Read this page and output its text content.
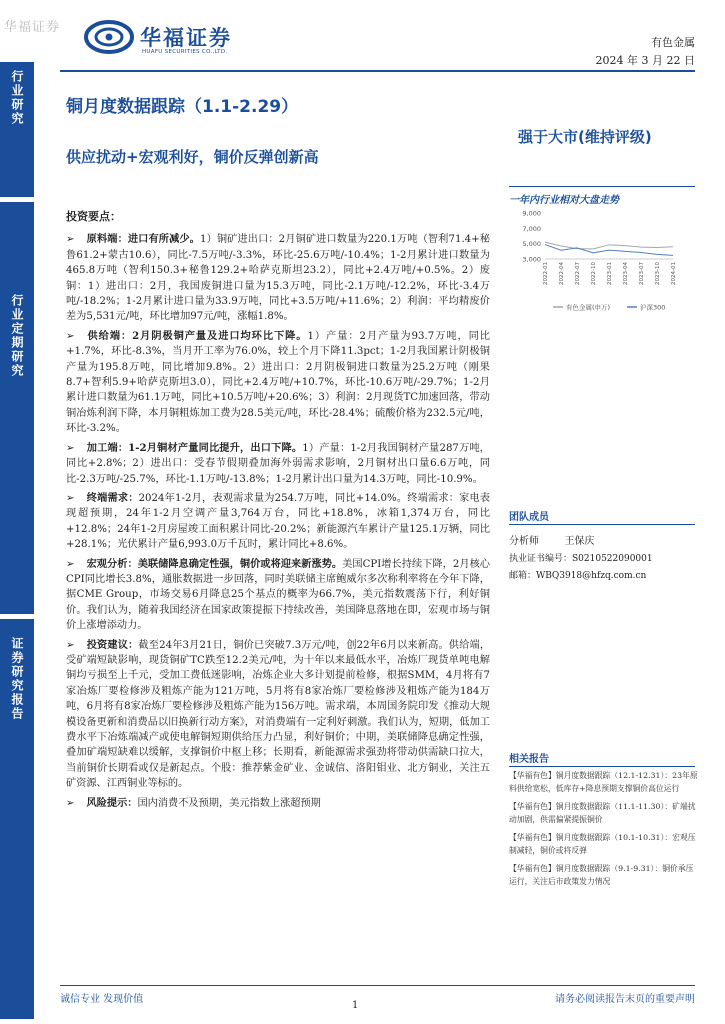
华福证券	华福证券
HUAFU SECURITIES CO.,LTD.
有色金属
2024 年 3 月 22 日
行业研究
行业定期研究
证券研究报告
铜月度数据跟踪（1.1-2.29）
强于大市(维持评级)
供应扰动+宏观利好，铜价反弹创新高
一年内行业相对大盘走势
9,000
7,000
5,000
3,000
2022-01 2022-04 2022-07 2022-10 2023-01 2023-04 2023-07 2023-10 2024-01
有色金属(申万)	沪深300
投资要点：
➢ 原料端：进口有所减少。1）铜矿进出口：2月铜矿进口数量为220.1万吨（智利71.4+秘鲁61.2+蒙古10.6），同比-7.5万吨/-3.3%，环比-25.6万吨/-10.4%；1-2月累计进口数量为465.8万吨（智利150.3+秘鲁129.2+哈萨克斯坦23.2），同比+2.4万吨/+0.5%。2）废铜：1）进出口：2月，我国废铜进口量为15.3万吨，同比-2.1万吨/-12.2%，环比-3.4万吨/-18.2%；1-2月累计进口量为33.9万吨，同比+3.5万吨/+11.6%；2）利润：平均精废价差为5,531元/吨，环比增加97元/吨，涨幅1.8%。
➢ 供给端：2月阴极铜产量及进口均环比下降。1）产量：2月产量为93.7万吨，同比+1.7%，环比-8.3%，当月开工率为76.0%，较上个月下降11.3pct；1-2月我国累计阴极铜产量为195.8万吨，同比增加9.8%。2）进出口：2月阴极铜进口数量为25.2万吨（刚果8.7+智利5.9+哈萨克斯坦3.0），同比+2.4万吨/+10.7%，环比-10.6万吨/-29.7%；1-2月累计进口数量为61.1万吨，同比+10.5万吨/+20.6%；3）利润：2月现货TC加速回落，带动铜冶炼利润下降，本月铜粗炼加工费为28.5美元/吨，环比-28.4%；硫酸价格为232.5元/吨，环比-3.2%。
➢ 加工端：1-2月铜材产量同比提升，出口下降。1）产量：1-2月我国铜材产量287万吨，同比+2.8%；2）进出口：受春节假期叠加海外弱需求影响，2月铜材出口量6.6万吨，同比-2.3万吨/-25.7%，环比-1.1万吨/-13.8%；1-2月累计出口量为14.3万吨，同比-10.9%。
➢ 终端需求：2024年1-2月，表观需求量为254.7万吨，同比+14.0%。终端需求：家电表现超预期，24年1-2月空调产量3,764万台，同比+18.8%，冰箱1,374万台，同比+12.8%；24年1-2月房屋竣工面积累计同比-20.2%；新能源汽车累计产量125.1万辆，同比+28.1%；光伏累计产量6,993.0万千瓦时，累计同比+8.6%。
➢ 宏观分析：美联储降息确定性强，铜价或将迎来新涨势。美国CPI增长持续下降，2月核心CPI同比增长3.8%，通胀数据进一步回落，同时美联储主席鲍威尔多次称利率将在今年下降，据CME Group，市场交易6月降息25个基点的概率为66.7%，美元指数震荡下行，利好铜价。我们认为，随着我国经济在国家政策提振下持续改善，美国降息落地在即，宏观市场与铜价上涨增添动力。
➢ 投资建议：截至24年3月21日，铜价已突破7.3万元/吨，创22年6月以来新高。供给端，受矿端短缺影响，现货铜矿TC跌至12.2美元/吨，为十年以来最低水平，冶炼厂现货单吨电解铜均亏损至上千元，受加工费低迷影响，冶炼企业大多计划提前检修，根据SMM，4月将有7家冶炼厂要检修涉及粗炼产能为121万吨，5月将有8家冶炼厂要检修涉及粗炼产能为184万吨，6月将有8家冶炼厂要检修涉及粗炼产能为156万吨。需求端，本周国务院印发《推动大规模设备更新和消费品以旧换新行动方案》，对消费端有一定利好刺激。我们认为，短期，低加工费水平下冶炼端减产或使电解铜短期供给压力凸显，利好铜价；中期，美联储降息确定性强，叠加矿端短缺难以缓解，支撑铜价中枢上移；长期看，新能源需求强劲将带动供需缺口拉大，当前铜价长期看或仅是新起点。个股：推荐紫金矿业、金诚信、洛阳钼业、北方铜业，关注五矿资源、江西铜业等标的。
➢ 风险提示：国内消费不及预期，美元指数上涨超预期
团队成员
分析师	王保庆
执业证书编号：S0210522090001
邮箱：WBQ3918@hfzq.com.cn
相关报告
【华福有色】铜月度数据跟踪（12.1-12.31）：23年原料供给宽松，低库存+降息预期支撑铜价高位运行
【华福有色】铜月度数据跟踪（11.1-11.30）：矿端扰动加剧，供需偏紧提振铜价
【华福有色】铜月度数据跟踪（10.1-10.31）：宏观压制减轻，铜价或将反弹
【华福有色】铜月度数据跟踪（9.1-9.31）：铜价承压运行，关注后市政策发力情况
诚信专业 发现价值
1
请务必阅读报告末页的重要声明
